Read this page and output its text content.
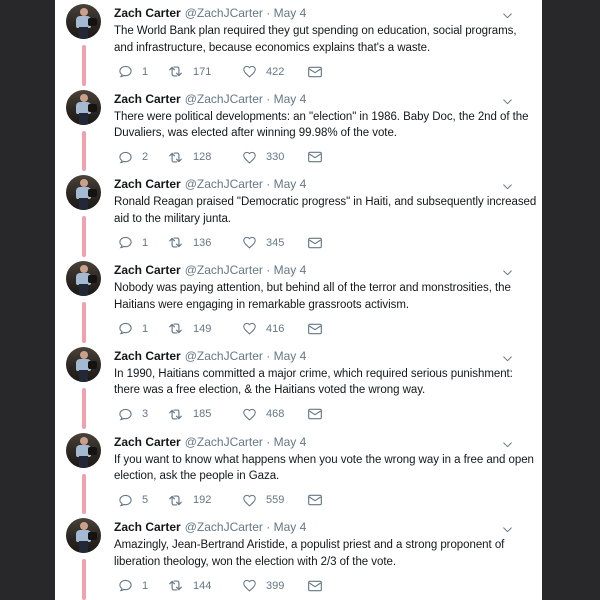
Zach Carter @ZachJCarter · May 4

The World Bank plan required they gut spending on education, social programs, and infrastructure, because economics explains that's a waste.

1	171	422
Zach Carter @ZachJCarter · May 4

There were political developments: an "election" in 1986. Baby Doc, the 2nd of the Duvaliers, was elected after winning 99.98% of the vote.

2	128	330
Zach Carter @ZachJCarter · May 4

Ronald Reagan praised "Democratic progress" in Haiti, and subsequently increased aid to the military junta.

1	136	345
Zach Carter @ZachJCarter · May 4

Nobody was paying attention, but behind all of the terror and monstrosities, the Haitians were engaging in remarkable grassroots activism.

1	149	416
Zach Carter @ZachJCarter · May 4

In 1990, Haitians committed a major crime, which required serious punishment: there was a free election, & the Haitians voted the wrong way.

3	185	468
Zach Carter @ZachJCarter · May 4

If you want to know what happens when you vote the wrong way in a free and open election, ask the people in Gaza.

5	192	559
Zach Carter @ZachJCarter · May 4

Amazingly, Jean-Bertrand Aristide, a populist priest and a strong proponent of liberation theology, won the election with 2/3 of the vote.

1	144	399
